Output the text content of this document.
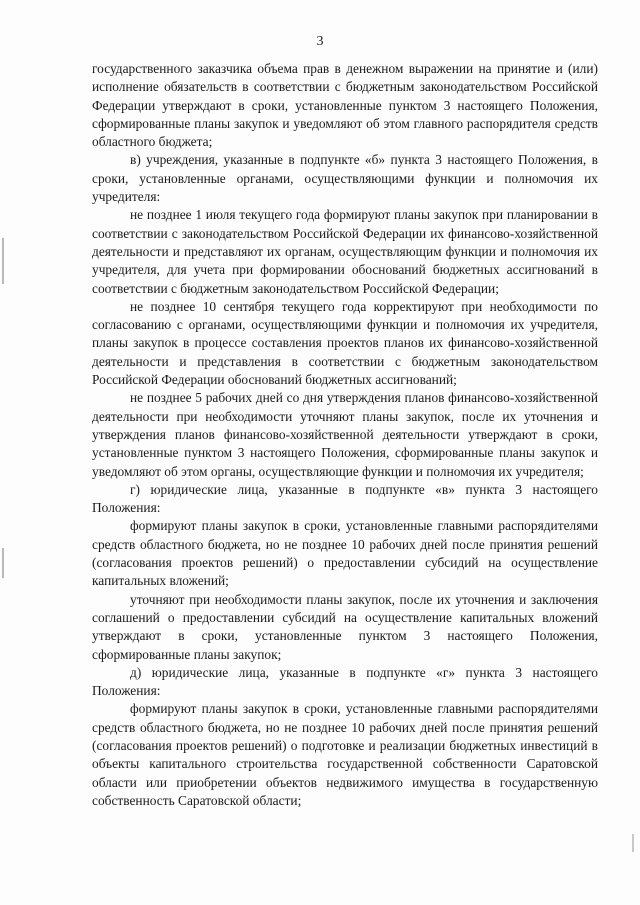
3

государственного заказчика объема прав в денежном выражении на принятие и (или) исполнение обязательств в соответствии с бюджетным законодательством Российской Федерации утверждают в сроки, установленные пунктом 3 настоящего Положения, сформированные планы закупок и уведомляют об этом главного распорядителя средств областного бюджета;

в) учреждения, указанные в подпункте «б» пункта 3 настоящего Положения, в сроки, установленные органами, осуществляющими функции и полномочия их учредителя:

не позднее 1 июля текущего года формируют планы закупок при планировании в соответствии с законодательством Российской Федерации их финансово-хозяйственной деятельности и представляют их органам, осуществляющим функции и полномочия их учредителя, для учета при формировании обоснований бюджетных ассигнований в соответствии с бюджетным законодательством Российской Федерации;

не позднее 10 сентября текущего года корректируют при необходимости по согласованию с органами, осуществляющими функции и полномочия их учредителя, планы закупок в процессе составления проектов планов их финансово-хозяйственной деятельности и представления в соответствии с бюджетным законодательством Российской Федерации обоснований бюджетных ассигнований;

не позднее 5 рабочих дней со дня утверждения планов финансово-хозяйственной деятельности при необходимости уточняют планы закупок, после их уточнения и утверждения планов финансово-хозяйственной деятельности утверждают в сроки, установленные пунктом 3 настоящего Положения, сформированные планы закупок и уведомляют об этом органы, осуществляющие функции и полномочия их учредителя;

г) юридические лица, указанные в подпункте «в» пункта 3 настоящего Положения:

формируют планы закупок в сроки, установленные главными распорядителями средств областного бюджета, но не позднее 10 рабочих дней после принятия решений (согласования проектов решений) о предоставлении субсидий на осуществление капитальных вложений;

уточняют при необходимости планы закупок, после их уточнения и заключения соглашений о предоставлении субсидий на осуществление капитальных вложений утверждают в сроки, установленные пунктом 3 настоящего Положения, сформированные планы закупок;

д) юридические лица, указанные в подпункте «г» пункта 3 настоящего Положения:

формируют планы закупок в сроки, установленные главными распорядителями средств областного бюджета, но не позднее 10 рабочих дней после принятия решений (согласования проектов решений) о подготовке и реализации бюджетных инвестиций в объекты капитального строительства государственной собственности Саратовской области или приобретении объектов недвижимого имущества в государственную собственность Саратовской области;
